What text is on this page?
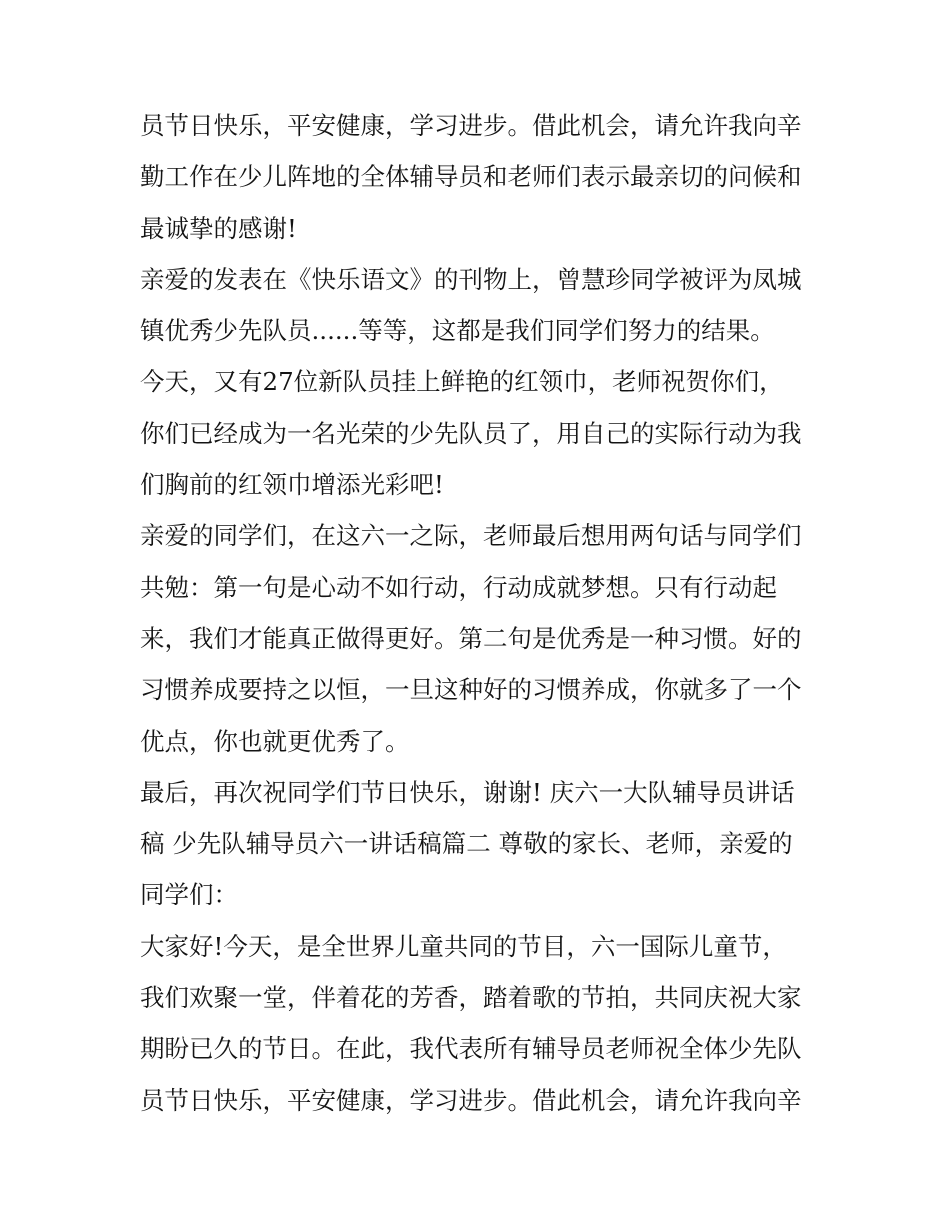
员节日快乐，平安健康，学习进步。借此机会，请允许我向辛
勤工作在少儿阵地的全体辅导员和老师们表示最亲切的问候和
最诚挚的感谢!

亲爱的发表在《快乐语文》的刊物上，曾慧珍同学被评为凤城
镇优秀少先队员......等等，这都是我们同学们努力的结果。

今天，又有27位新队员挂上鲜艳的红领巾，老师祝贺你们，
你们已经成为一名光荣的少先队员了，用自己的实际行动为我
们胸前的红领巾增添光彩吧!

亲爱的同学们，在这六一之际，老师最后想用两句话与同学们
共勉：第一句是心动不如行动，行动成就梦想。只有行动起
来，我们才能真正做得更好。第二句是优秀是一种习惯。好的
习惯养成要持之以恒，一旦这种好的习惯养成，你就多了一个
优点，你也就更优秀了。

最后，再次祝同学们节日快乐，谢谢! 庆六一大队辅导员讲话
稿 少先队辅导员六一讲话稿篇二 尊敬的家长、老师，亲爱的
同学们：

大家好!今天，是全世界儿童共同的节目，六一国际儿童节，
我们欢聚一堂，伴着花的芳香，踏着歌的节拍，共同庆祝大家
期盼已久的节日。在此，我代表所有辅导员老师祝全体少先队
员节日快乐，平安健康，学习进步。借此机会，请允许我向辛
